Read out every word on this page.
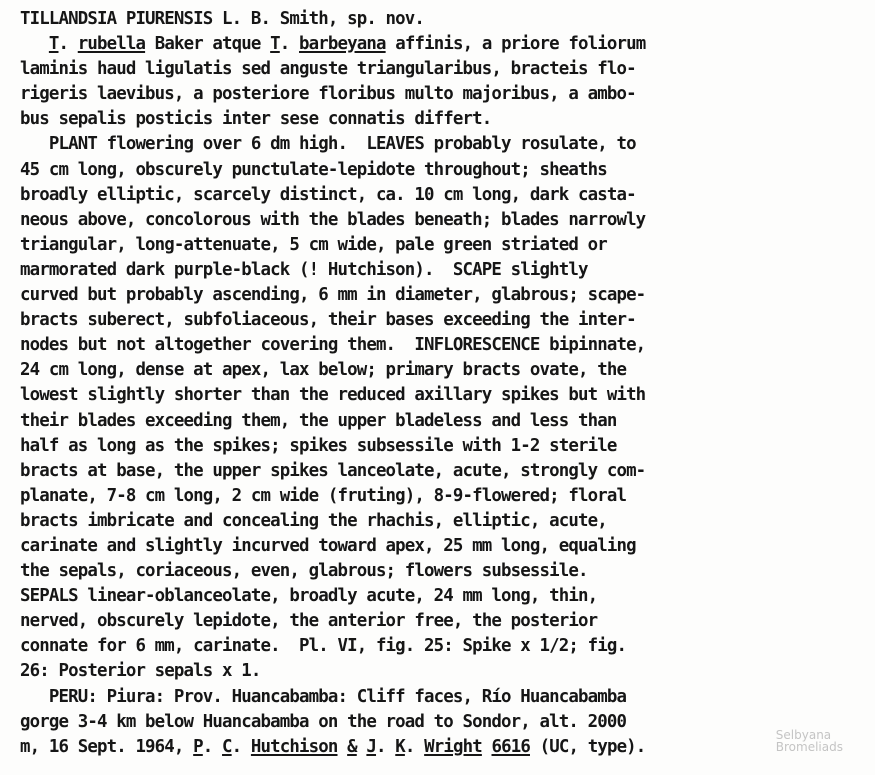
TILLANDSIA PIURENSIS L. B. Smith, sp. nov.
T. rubella Baker atque T. barbeyana affinis, a priore foliorum
laminis haud ligulatis sed anguste triangularibus, bracteis flo-
rigeris laevibus, a posteriore floribus multo majoribus, a ambo-
bus sepalis posticis inter sese connatis differt.
PLANT flowering over 6 dm high.  LEAVES probably rosulate, to
45 cm long, obscurely punctulate-lepidote throughout; sheaths
broadly elliptic, scarcely distinct, ca. 10 cm long, dark casta-
neous above, concolorous with the blades beneath; blades narrowly
triangular, long-attenuate, 5 cm wide, pale green striated or
marmorated dark purple-black (! Hutchison).  SCAPE slightly
curved but probably ascending, 6 mm in diameter, glabrous; scape-
bracts suberect, subfoliaceous, their bases exceeding the inter-
nodes but not altogether covering them.  INFLORESCENCE bipinnate,
24 cm long, dense at apex, lax below; primary bracts ovate, the
lowest slightly shorter than the reduced axillary spikes but with
their blades exceeding them, the upper bladeless and less than
half as long as the spikes; spikes subsessile with 1-2 sterile
bracts at base, the upper spikes lanceolate, acute, strongly com-
planate, 7-8 cm long, 2 cm wide (fruting), 8-9-flowered; floral
bracts imbricate and concealing the rhachis, elliptic, acute,
carinate and slightly incurved toward apex, 25 mm long, equaling
the sepals, coriaceous, even, glabrous; flowers subsessile.
SEPALS linear-oblanceolate, broadly acute, 24 mm long, thin,
nerved, obscurely lepidote, the anterior free, the posterior
connate for 6 mm, carinate.  Pl. VI, fig. 25: Spike x 1/2; fig.
26: Posterior sepals x 1.
PERU: Piura: Prov. Huancabamba: Cliff faces, Río Huancabamba
gorge 3-4 km below Huancabamba on the road to Sondor, alt. 2000
m, 16 Sept. 1964, P. C. Hutchison & J. K. Wright 6616 (UC, type).
Selbyana
Bromeliads
